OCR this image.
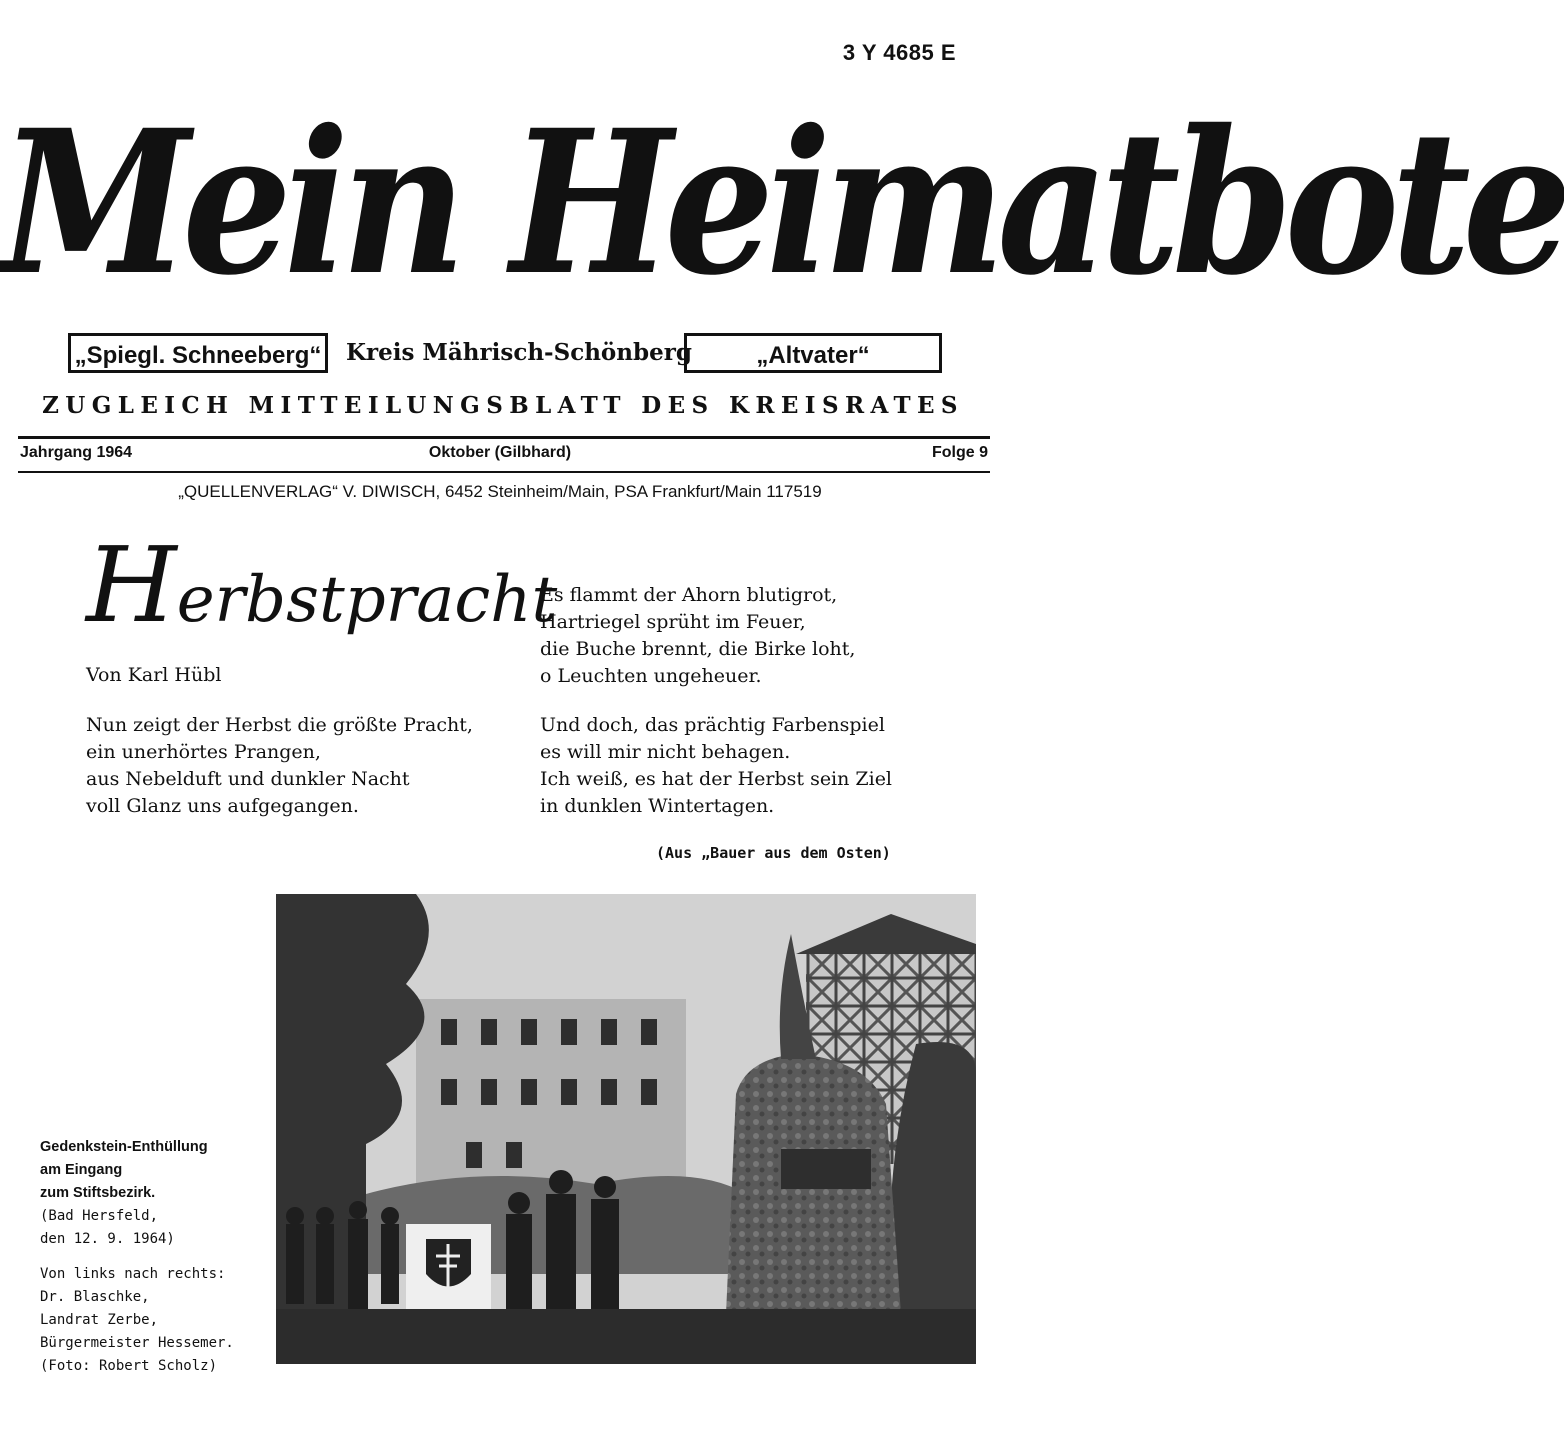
3 Y 4685 E
Mein Heimatbote
„Spiegl. Schneeberg“ Kreis Mährisch-Schönberg	„Altvater“
ZUGLEICH MITTEILUNGSBLATT DES KREISRATES
Jahrgang 1964	Oktober (Gilbhard)	Folge 9
„QUELLENVERLAG“ V. DIWISCH, 6452 Steinheim/Main, PSA Frankfurt/Main 117519
Herbstpracht
Von Karl Hübl
Nun zeigt der Herbst die größte Pracht,
ein unerhörtes Prangen,
aus Nebelduft und dunkler Nacht
voll Glanz uns aufgegangen.
Es flammt der Ahorn blutigrot,
Hartriegel sprüht im Feuer,
die Buche brennt, die Birke loht,
o Leuchten ungeheuer.
Und doch, das prächtig Farbenspiel
es will mir nicht behagen.
Ich weiß, es hat der Herbst sein Ziel
in dunklen Wintertagen.
(Aus „Bauer aus dem Osten)
Gedenkstein-Enthüllung
am Eingang
zum Stiftsbezirk.
(Bad Hersfeld,
den 12. 9. 1964)
Von links nach rechts:
Dr. Blaschke,
Landrat Zerbe,
Bürgermeister Hessemer.
(Foto: Robert Scholz)
